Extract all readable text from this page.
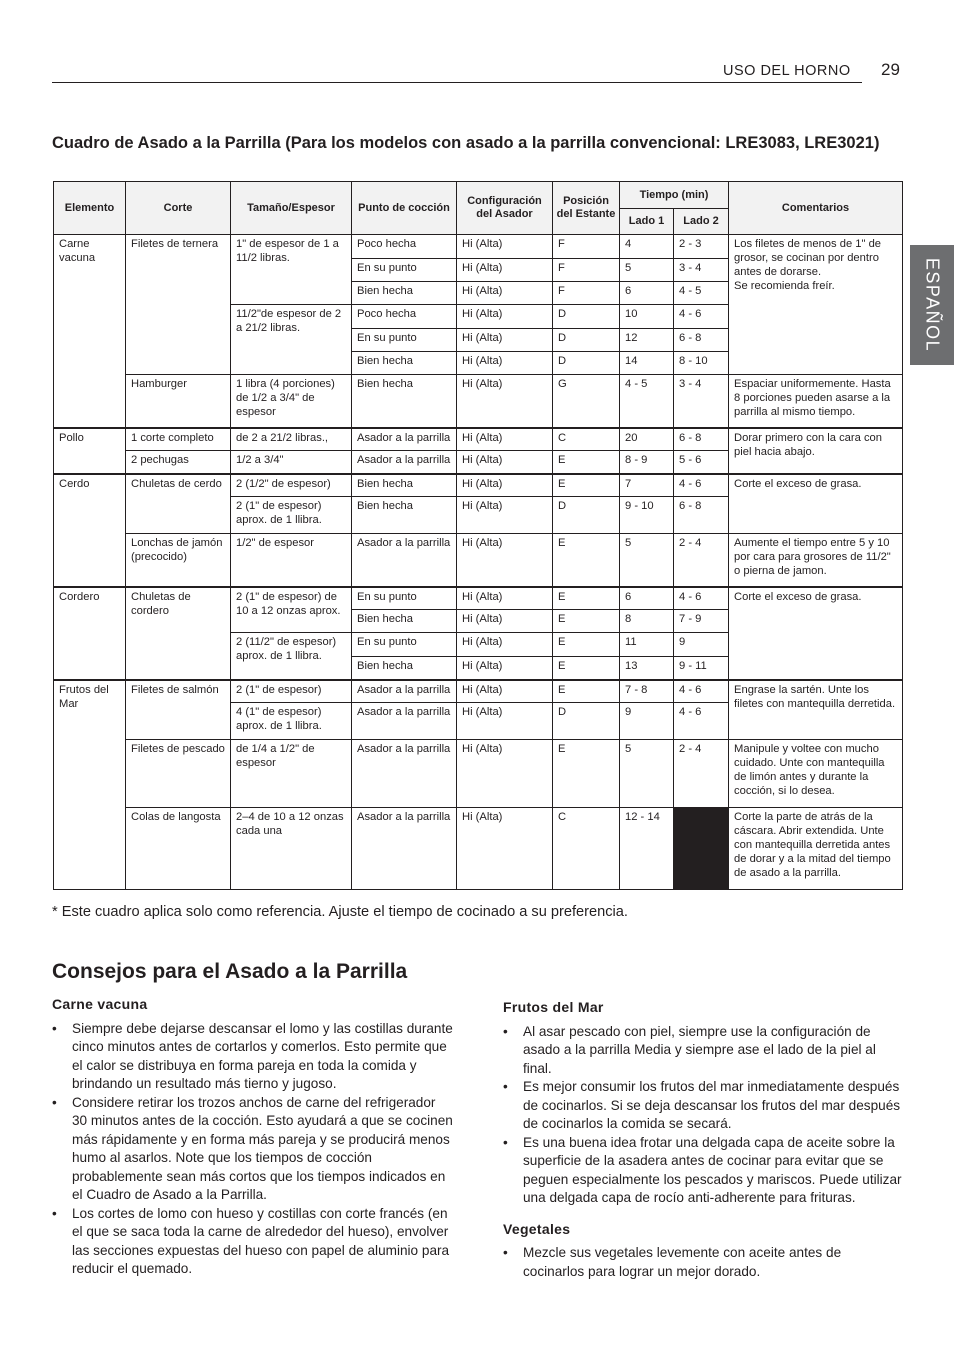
USO DEL HORNO 29
ESPAÑOL
Cuadro de Asado a la Parrilla (Para los modelos con asado a la parrilla convencional: LRE3083, LRE3021)
Elemento	Corte	Tamaño/Espesor	Punto de cocción	Configuración del Asador	Posición del Estante	Tiempo (min)		Comentarios
						Lado 1	Lado 2	
Carne vacuna	Filetes de ternera	1" de espesor de 1 a 11/2 libras.	Poco hecha	Hi (Alta)	F	4	2 - 3	Los filetes de menos de 1" de grosor, se cocinan por dentro antes de dorarse.
Se recomienda freír.
			En su punto	Hi (Alta)	F	5	3 - 4	
			Bien hecha	Hi (Alta)	F	6	4 - 5	
		11/2"de espesor de 2 a 21/2 libras.	Poco hecha	Hi (Alta)	D	10	4 - 6	
			En su punto	Hi (Alta)	D	12	6 - 8	
			Bien hecha	Hi (Alta)	D	14	8 - 10	
	Hamburger	1 libra (4 porciones) de 1/2 a 3/4" de espesor	Bien hecha	Hi (Alta)	G	4 - 5	3 - 4	Espaciar uniformemente. Hasta 8 porciones pueden asarse a la parrilla al mismo tiempo.
Pollo	1 corte completo	de 2 a 21/2 libras.,	Asador a la parrilla	Hi (Alta)	C	20	6 - 8	Dorar primero con la cara con piel hacia abajo.
	2 pechugas	1/2 a 3/4"	Asador a la parrilla	Hi (Alta)	E	8 - 9	5 - 6	
Cerdo	Chuletas de cerdo	2 (1/2" de espesor)	Bien hecha	Hi (Alta)	E	7	4 - 6	Corte el exceso de grasa.
		2 (1" de espesor) aprox. de 1 llibra.	Bien hecha	Hi (Alta)	D	9 - 10	6 - 8	
	Lonchas de jamón (precocido)	1/2" de espesor	Asador a la parrilla	Hi (Alta)	E	5	2 - 4	Aumente el tiempo entre 5 y 10 por cara para grosores de 11/2" o pierna de jamon.
Cordero	Chuletas de cordero	2 (1" de espesor) de 10 a 12 onzas aprox.	En su punto	Hi (Alta)	E	6	4 - 6	Corte el exceso de grasa.
			Bien hecha	Hi (Alta)	E	8	7 - 9	
		2 (11/2" de espesor) aprox. de 1 llibra.	En su punto	Hi (Alta)	E	11	9	
			Bien hecha	Hi (Alta)	E	13	9 - 11	
Frutos del Mar	Filetes de salmón	2 (1" de espesor)	Asador a la parrilla	Hi (Alta)	E	7 - 8	4 - 6	Engrase la sartén. Unte los filetes con mantequilla derretida.
		4 (1" de espesor) aprox. de 1 llibra.	Asador a la parrilla	Hi (Alta)	D	9	4 - 6	
	Filetes de pescado	de 1/4 a 1/2" de espesor	Asador a la parrilla	Hi (Alta)	E	5	2 - 4	Manipule y voltee con mucho cuidado. Unte con mantequilla de limón antes y durante la cocción, si lo desea.
	Colas de langosta	2–4 de 10 a 12 onzas cada una	Asador a la parrilla	Hi (Alta)	C	12 - 14		Corte la parte de atrás de la cáscara. Abrir extendida. Unte con mantequilla derretida antes de dorar y a la mitad del tiempo de asado a la parrilla.
* Este cuadro aplica solo como referencia. Ajuste el tiempo de cocinado a su preferencia.
Consejos para el Asado a la Parrilla
Carne vacuna
• Siempre debe dejarse descansar el lomo y las costillas durante cinco minutos antes de cortarlos y comerlos. Esto permite que el calor se distribuya en forma pareja en toda la comida y brindando un resultado más tierno y jugoso.
• Considere retirar los trozos anchos de carne del refrigerador 30 minutos antes de la cocción. Esto ayudará a que se cocinen más rápidamente y en forma más pareja y se producirá menos humo al asarlos. Note que los tiempos de cocción probablemente sean más cortos que los tiempos indicados en el Cuadro de Asado a la Parrilla.
• Los cortes de lomo con hueso y costillas con corte francés (en el que se saca toda la carne de alrededor del hueso), envolver las secciones expuestas del hueso con papel de aluminio para reducir el quemado.
Frutos del Mar
• Al asar pescado con piel, siempre use la configuración de asado a la parrilla Media y siempre ase el lado de la piel al final.
• Es mejor consumir los frutos del mar inmediatamente después de cocinarlos. Si se deja descansar los frutos del mar después de cocinarlos la comida se secará.
• Es una buena idea frotar una delgada capa de aceite sobre la superficie de la asadera antes de cocinar para evitar que se peguen especialmente los pescados y mariscos. Puede utilizar una delgada capa de rocío anti-adherente para frituras.
Vegetales
• Mezcle sus vegetales levemente con aceite antes de cocinarlos para lograr un mejor dorado.
